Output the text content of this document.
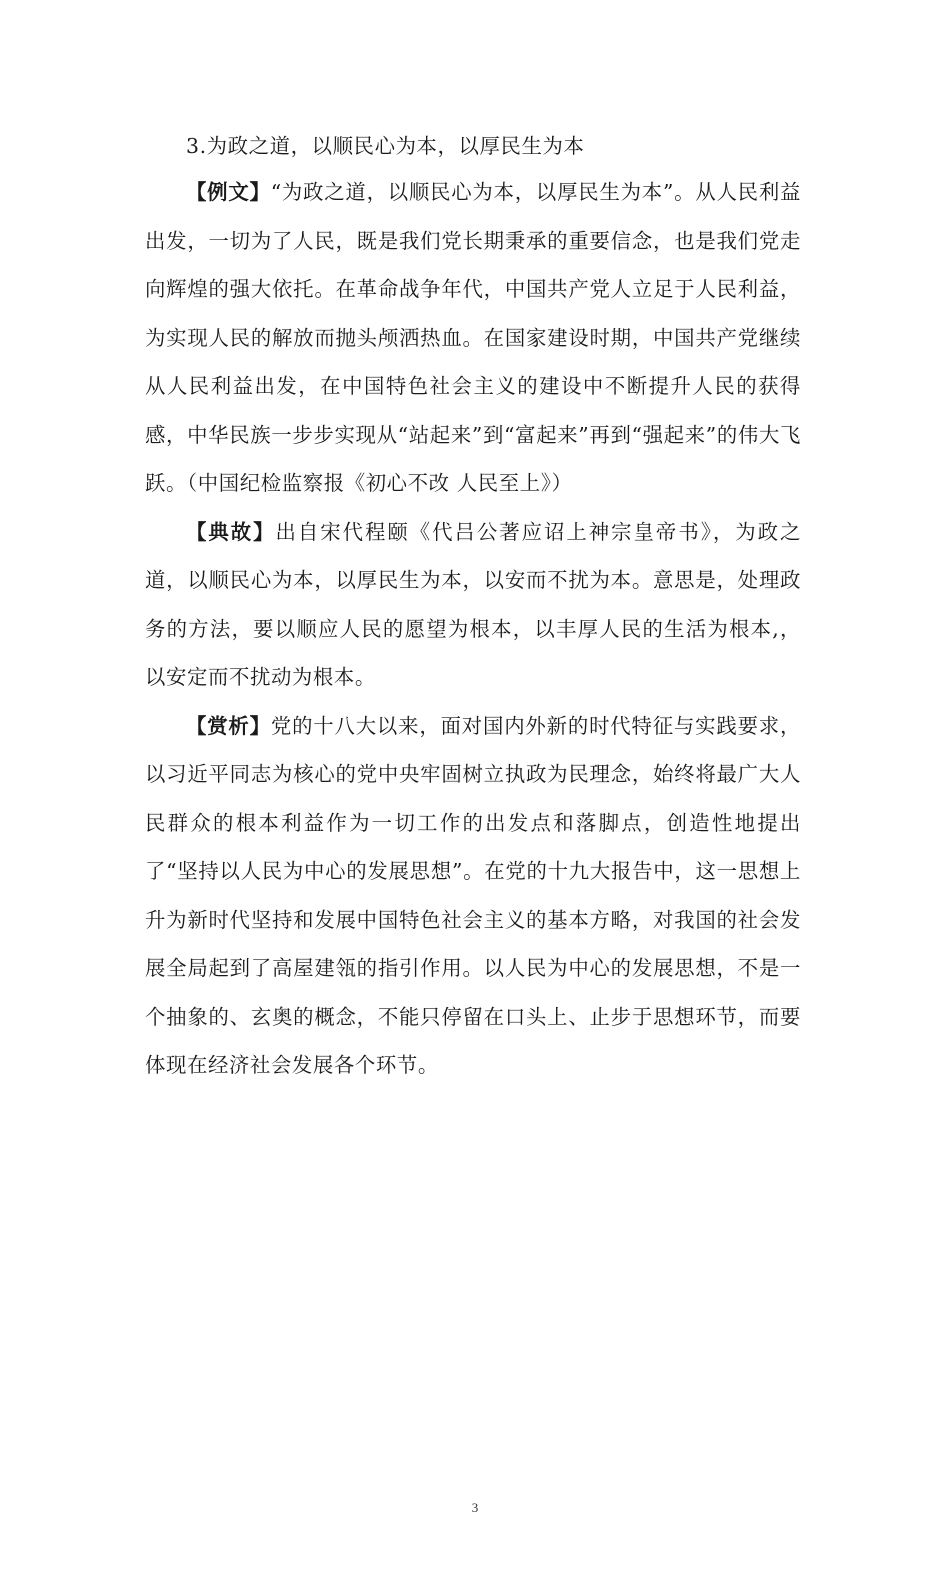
3.为政之道，以顺民心为本，以厚民生为本

【例文】“为政之道，以顺民心为本，以厚民生为本”。从人民利益出发，一切为了人民，既是我们党长期秉承的重要信念，也是我们党走向辉煌的强大依托。在革命战争年代，中国共产党人立足于人民利益，为实现人民的解放而抛头颅洒热血。在国家建设时期，中国共产党继续从人民利益出发，在中国特色社会主义的建设中不断提升人民的获得感，中华民族一步步实现从“站起来”到“富起来”再到“强起来”的伟大飞跃。（中国纪检监察报《初心不改 人民至上》）

【典故】出自宋代程颐《代吕公著应诏上神宗皇帝书》，为政之道，以顺民心为本，以厚民生为本，以安而不扰为本。意思是，处理政务的方法，要以顺应人民的愿望为根本，以丰厚人民的生活为根本,，以安定而不扰动为根本。

【赏析】党的十八大以来，面对国内外新的时代特征与实践要求，以习近平同志为核心的党中央牢固树立执政为民理念，始终将最广大人民群众的根本利益作为一切工作的出发点和落脚点，创造性地提出了“坚持以人民为中心的发展思想”。在党的十九大报告中，这一思想上升为新时代坚持和发展中国特色社会主义的基本方略，对我国的社会发展全局起到了高屋建瓴的指引作用。以人民为中心的发展思想，不是一个抽象的、玄奥的概念，不能只停留在口头上、止步于思想环节，而要体现在经济社会发展各个环节。

3
